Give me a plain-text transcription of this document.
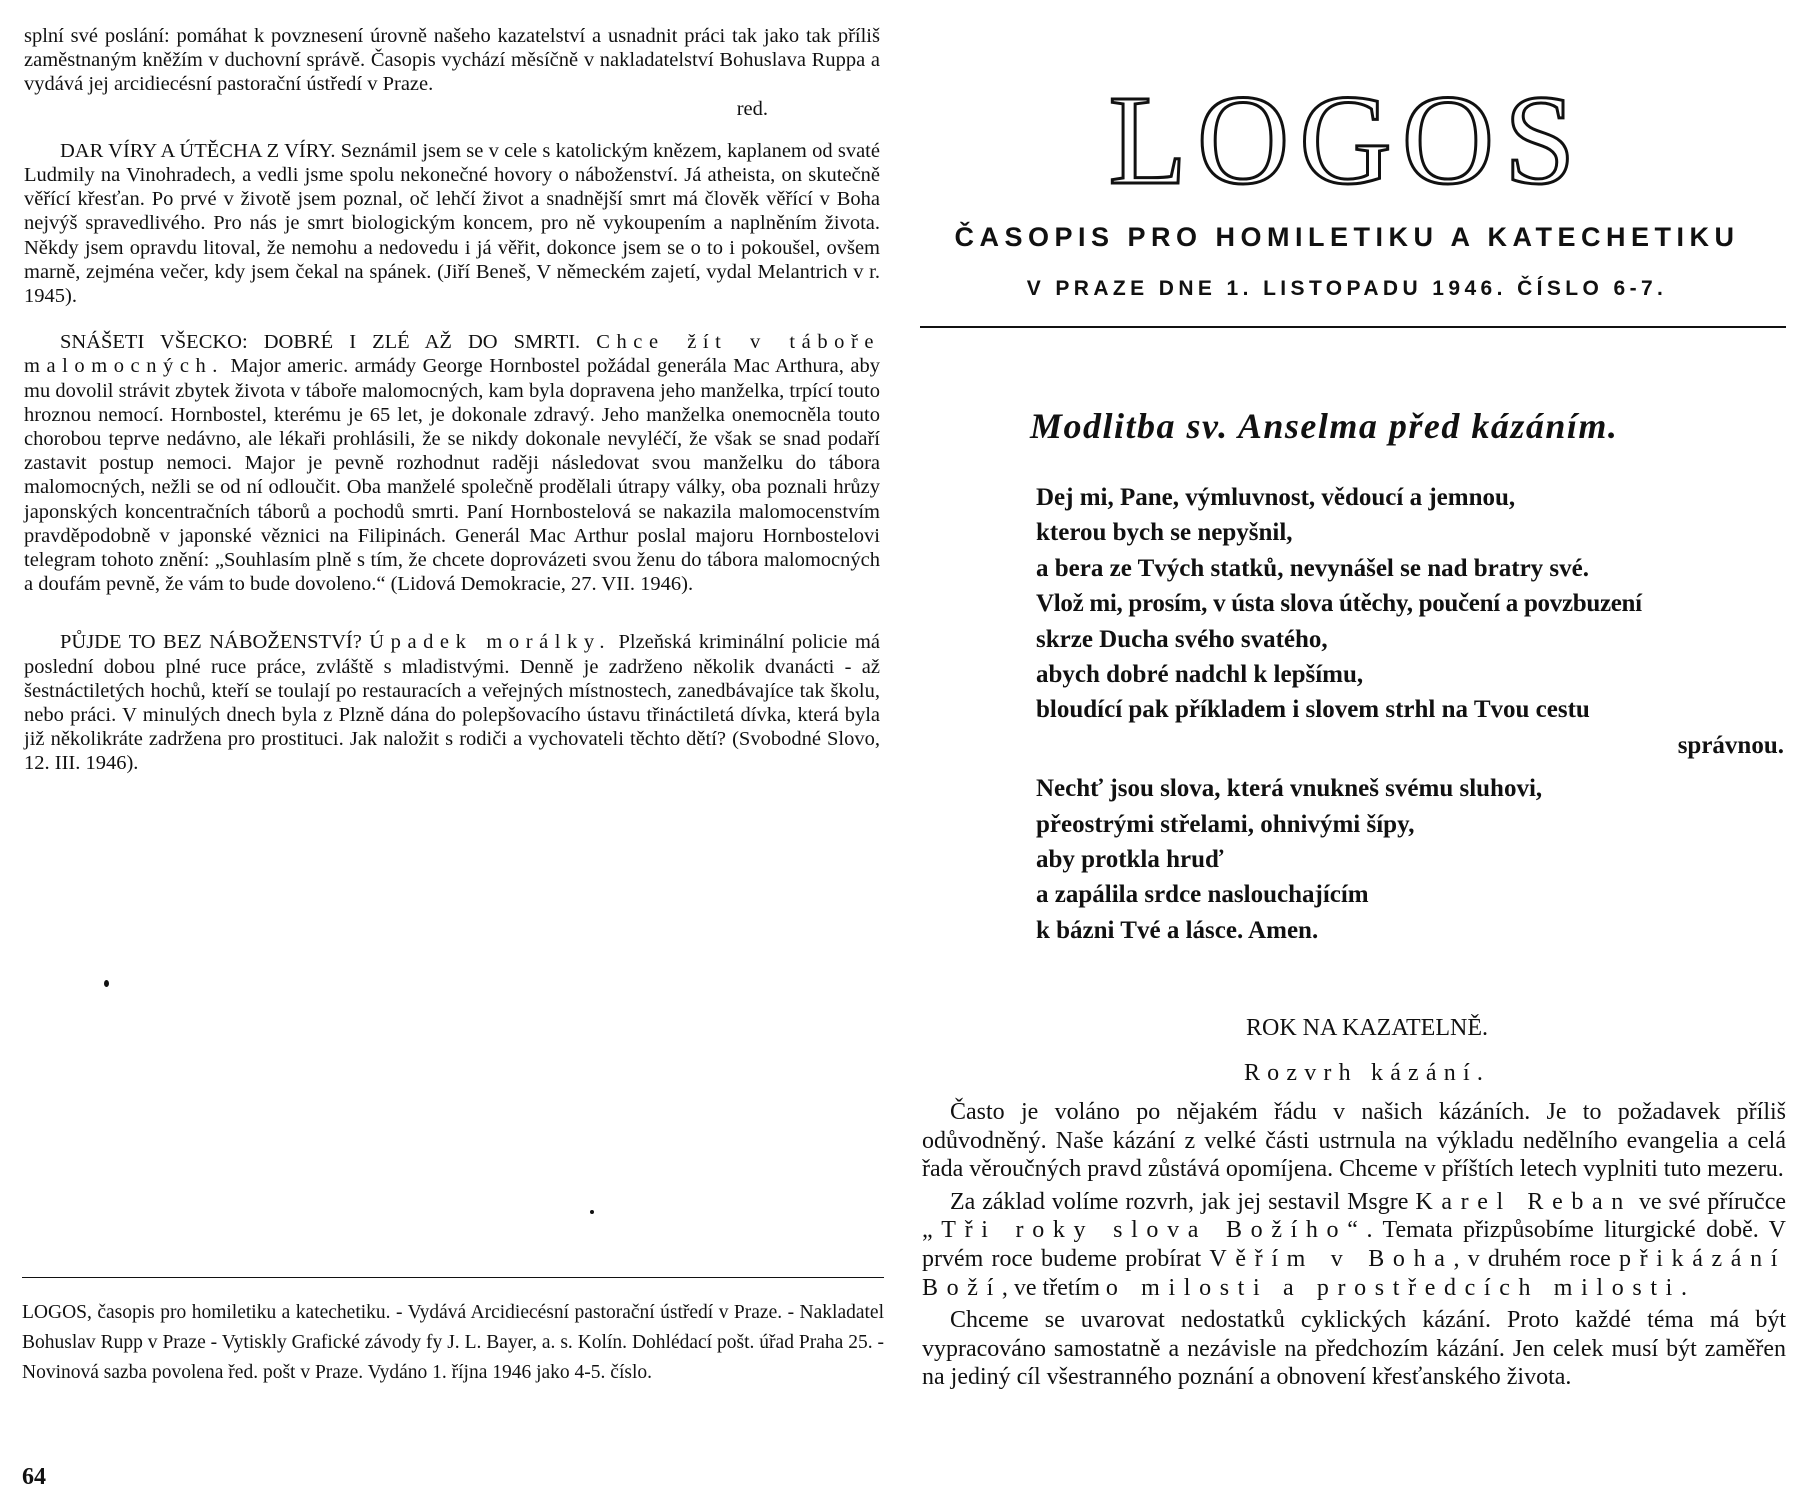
splní své poslání: pomáhat k povznesení úrovně našeho kazatelství a usnadnit práci tak jako tak příliš zaměstnaným kněžím v duchovní správě. Časopis vychází měsíčně v nakladatelství Bohuslava Ruppa a vydává jej arcidiecésní pastorační ústředí v Praze.
red.

DAR VÍRY A ÚTĚCHA Z VÍRY. Seznámil jsem se v cele s katolickým knězem, kaplanem od svaté Ludmily na Vinohradech, a vedli jsme spolu nekonečné hovory o náboženství. Já atheista, on skutečně věřící křesťan. Po prvé v životě jsem poznal, oč lehčí život a snadnější smrt má člověk věřící v Boha nejvýš spravedlivého. Pro nás je smrt biologickým koncem, pro ně vykoupením a naplněním života. Někdy jsem opravdu litoval, že nemohu a nedovedu i já věřit, dokonce jsem se o to i pokoušel, ovšem marně, zejména večer, kdy jsem čekal na spánek. (Jiří Beneš, V německém zajetí, vydal Melantrich v r. 1945).

SNÁŠETI VŠECKO: DOBRÉ I ZLÉ AŽ DO SMRTI. Chce žít v táboře malomocných. Major americ. armády George Hornbostel požádal generála Mac Arthura, aby mu dovolil strávit zbytek života v táboře malomocných, kam byla dopravena jeho manželka, trpící touto hroznou nemocí. Hornbostel, kterému je 65 let, je dokonale zdravý. Jeho manželka onemocněla touto chorobou teprve nedávno, ale lékaři prohlásili, že se nikdy dokonale nevyléčí, že však se snad podaří zastavit postup nemoci. Major je pevně rozhodnut raději následovat svou manželku do tábora malomocných, nežli se od ní odloučit. Oba manželé společně prodělali útrapy války, oba poznali hrůzy japonských koncentračních táborů a pochodů smrti. Paní Hornbostelová se nakazila malomocenstvím pravděpodobně v japonské věznici na Filipinách. Generál Mac Arthur poslal majoru Hornbostelovi telegram tohoto znění: „Souhlasím plně s tím, že chcete doprovázeti svou ženu do tábora malomocných a doufám pevně, že vám to bude dovoleno.“ (Lidová Demokracie, 27. VII. 1946).

PŮJDE TO BEZ NÁBOŽENSTVÍ? Úpadek morálky. Plzeňská kriminální policie má poslední dobou plné ruce práce, zvláště s mladistvými. Denně je zadrženo několik dvanácti - až šestnáctiletých hochů, kteří se toulají po restauracích a veřejných místnostech, zanedbávajíce tak školu, nebo práci. V minulých dnech byla z Plzně dána do polepšovacího ústavu třináctiletá dívka, která byla již několikráte zadržena pro prostituci. Jak naložit s rodiči a vychovateli těchto dětí? (Svobodné Slovo, 12. III. 1946).

LOGOS, časopis pro homiletiku a katechetiku. - Vydává Arcidiecésní pastorační ústředí v Praze. - Nakladatel Bohuslav Rupp v Praze - Vytiskly Grafické závody fy J. L. Bayer, a. s. Kolín. Dohlédací pošt. úřad Praha 25. - Novinová sazba povolena řed. pošt v Praze. Vydáno 1. října 1946 jako 4-5. číslo.
64
LOGOS
ČASOPIS PRO HOMILETIKU A KATECHETIKU
V PRAZE DNE 1. LISTOPADU 1946. ČÍSLO 6-7.
Modlitba sv. Anselma před kázáním.
Dej mi, Pane, výmluvnost, vědoucí a jemnou,
kterou bych se nepyšnil,
a bera ze Tvých statků, nevynášel se nad bratry své.
Vlož mi, prosím, v ústa slova útěchy, poučení a povzbuzení
skrze Ducha svého svatého,
abych dobré nadchl k lepšímu,
bloudící pak příkladem i slovem strhl na Tvou cestu
správnou.
Nechť jsou slova, která vnukneš svému sluhovi,
přeostrými střelami, ohnivými šípy,
aby protkla hruď
a zapálila srdce naslouchajícím
k bázni Tvé a lásce. Amen.
ROK NA KAZATELNĚ.
Rozvrh kázání.

Často je voláno po nějakém řádu v našich kázáních. Je to požadavek příliš odůvodněný. Naše kázání z velké části ustrnula na výkladu nedělního evangelia a celá řada věroučných pravd zůstává opomíjena. Chceme v příštích letech vyplniti tuto mezeru.

Za základ volíme rozvrh, jak jej sestavil Msgre Karel Reban ve své příručce „Tři roky slova Božího“. Temata přizpůsobíme liturgické době. V prvém roce budeme probírat Věřím v Boha, v druhém roce přikázání Boží, ve třetím o milosti a prostředcích milosti.

Chceme se uvarovat nedostatků cyklických kázání. Proto každé téma má být vypracováno samostatně a nezávisle na předchozím kázání. Jen celek musí být zaměřen na jediný cíl všestranného poznání a obnovení křesťanského života.
